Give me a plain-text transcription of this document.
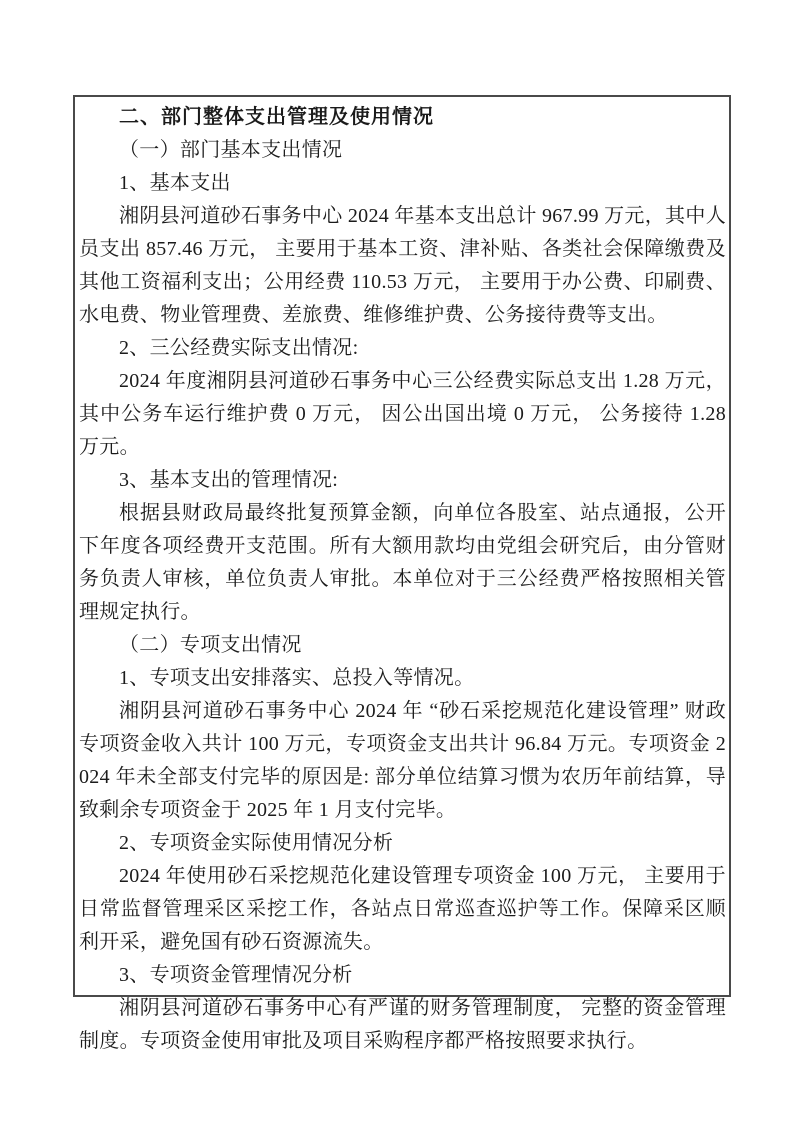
二、部门整体支出管理及使用情况

（一）部门基本支出情况

1、基本支出

湘阴县河道砂石事务中心 2024 年基本支出总计 967.99 万元，其中人员支出 857.46 万元， 主要用于基本工资、津补贴、各类社会保障缴费及其他工资福利支出；公用经费 110.53 万元， 主要用于办公费、印刷费、水电费、物业管理费、差旅费、维修维护费、公务接待费等支出。

2、三公经费实际支出情况:

2024 年度湘阴县河道砂石事务中心三公经费实际总支出 1.28 万元，其中公务车运行维护费 0 万元， 因公出国出境 0 万元， 公务接待 1.28 万元。

3、基本支出的管理情况:

根据县财政局最终批复预算金额，向单位各股室、站点通报，公开下年度各项经费开支范围。所有大额用款均由党组会研究后，由分管财务负责人审核，单位负责人审批。本单位对于三公经费严格按照相关管理规定执行。

（二）专项支出情况

1、专项支出安排落实、总投入等情况。

湘阴县河道砂石事务中心 2024 年 “砂石采挖规范化建设管理” 财政专项资金收入共计 100 万元，专项资金支出共计 96.84 万元。专项资金 2024 年未全部支付完毕的原因是: 部分单位结算习惯为农历年前结算，导致剩余专项资金于 2025 年 1 月支付完毕。

2、专项资金实际使用情况分析

2024 年使用砂石采挖规范化建设管理专项资金 100 万元， 主要用于日常监督管理采区采挖工作，各站点日常巡查巡护等工作。保障采区顺利开采，避免国有砂石资源流失。

3、专项资金管理情况分析

湘阴县河道砂石事务中心有严谨的财务管理制度， 完整的资金管理制度。专项资金使用审批及项目采购程序都严格按照要求执行。
